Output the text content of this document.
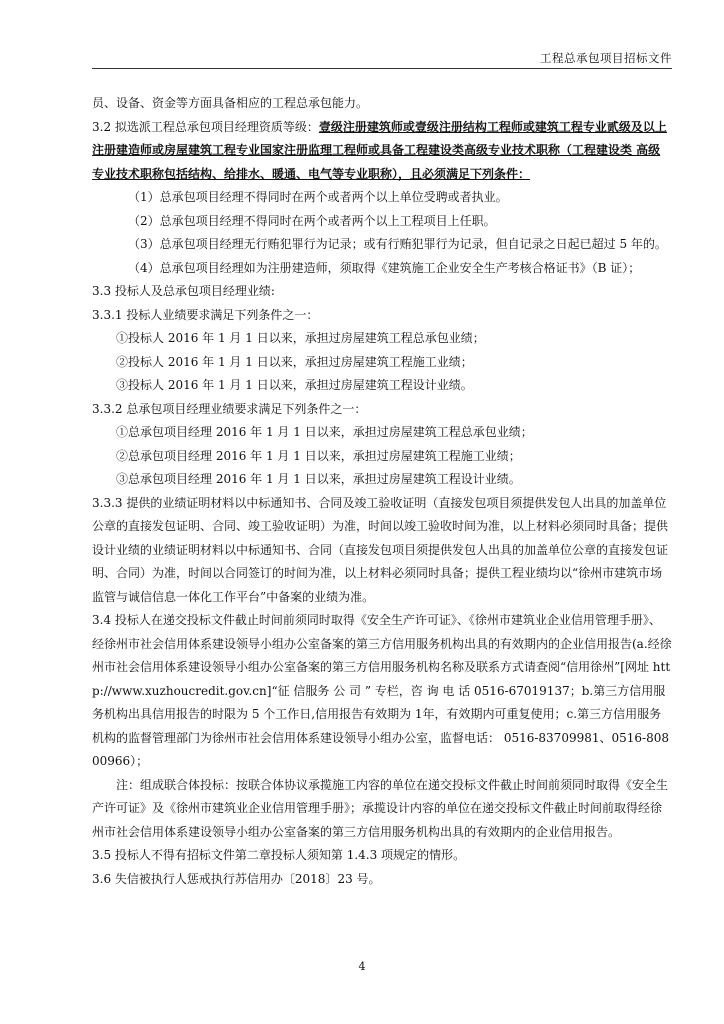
工程总承包项目招标文件

员、设备、资金等方面具备相应的工程总承包能力。

3.2 拟选派工程总承包项目经理资质等级：壹级注册建筑师或壹级注册结构工程师或建筑工程专业贰级及以上注册建造师或房屋建筑工程专业国家注册监理工程师或具备工程建设类高级专业技术职称（工程建设类 高级专业技术职称包括结构、给排水、暖通、电气等专业职称），且必须满足下列条件：

（1）总承包项目经理不得同时在两个或者两个以上单位受聘或者执业。

（2）总承包项目经理不得同时在两个或者两个以上工程项目上任职。

（3）总承包项目经理无行贿犯罪行为记录；或有行贿犯罪行为记录，但自记录之日起已超过 5 年的。

（4）总承包项目经理如为注册建造师，须取得《建筑施工企业安全生产考核合格证书》（B 证）；

3.3 投标人及总承包项目经理业绩:

3.3.1 投标人业绩要求满足下列条件之一：

①投标人 2016 年 1 月 1 日以来，承担过房屋建筑工程总承包业绩；

②投标人 2016 年 1 月 1 日以来，承担过房屋建筑工程施工业绩；

③投标人 2016 年 1 月 1 日以来，承担过房屋建筑工程设计业绩。

3.3.2 总承包项目经理业绩要求满足下列条件之一：

①总承包项目经理 2016 年 1 月 1 日以来，承担过房屋建筑工程总承包业绩；

②总承包项目经理 2016 年 1 月 1 日以来，承担过房屋建筑工程施工业绩；

③总承包项目经理 2016 年 1 月 1 日以来，承担过房屋建筑工程设计业绩。

3.3.3 提供的业绩证明材料以中标通知书、合同及竣工验收证明（直接发包项目须提供发包人出具的加盖单位公章的直接发包证明、合同、竣工验收证明）为准，时间以竣工验收时间为准，以上材料必须同时具备；提供设计业绩的业绩证明材料以中标通知书、合同（直接发包项目须提供发包人出具的加盖单位公章的直接发包证明、合同）为准，时间以合同签订的时间为准，以上材料必须同时具备；提供工程业绩均以“徐州市建筑市场监管与诚信信息一体化工作平台”中备案的业绩为准。

3.4 投标人在递交投标文件截止时间前须同时取得《安全生产许可证》、《徐州市建筑业企业信用管理手册》、经徐州市社会信用体系建设领导小组办公室备案的第三方信用服务机构出具的有效期内的企业信用报告(a.经徐州市社会信用体系建设领导小组办公室备案的第三方信用服务机构名称及联系方式请查阅“信用徐州”[网址 http://www.xuzhoucredit.gov.cn]“征 信服务 公 司 ” 专栏，咨 询 电 话 0516-67019137；b.第三方信用服务机构出具信用报告的时限为 5 个工作日,信用报告有效期为 1年，有效期内可重复使用；c.第三方信用服务机构的监督管理部门为徐州市社会信用体系建设领导小组办公室，监督电话： 0516-83709981、0516-80800966）；

注：组成联合体投标：按联合体协议承揽施工内容的单位在递交投标文件截止时间前须同时取得《安全生产许可证》及《徐州市建筑业企业信用管理手册》；承揽设计内容的单位在递交投标文件截止时间前取得经徐州市社会信用体系建设领导小组办公室备案的第三方信用服务机构出具的有效期内的企业信用报告。

3.5 投标人不得有招标文件第二章投标人须知第 1.4.3 项规定的情形。

3.6 失信被执行人惩戒执行苏信用办〔2018〕23 号。

4
